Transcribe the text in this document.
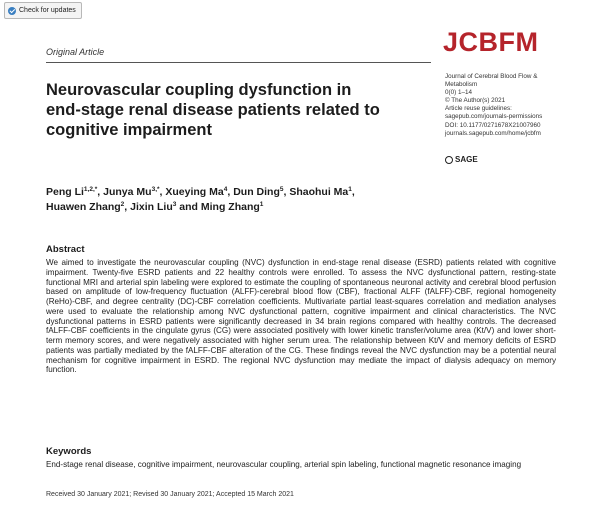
Check for updates
Original Article
Neurovascular coupling dysfunction in end-stage renal disease patients related to cognitive impairment
JCBFM
Journal of Cerebral Blood Flow &
Metabolism
0(0) 1–14
© The Author(s) 2021
Article reuse guidelines:
sagepub.com/journals-permissions
DOI: 10.1177/0271678X21007960
journals.sagepub.com/home/jcbfm
SAGE
Peng $Li^{1,2,*}$, Junya $Mu^{3,*}$, Xueying Ma$^4$, Dun Ding$^5$, Shaohui Ma$^1$,
Huawen Zhang$^2$, Jixin Liu$^3$ and Ming Zhang$^1$
Abstract

We aimed to investigate the neurovascular coupling (NVC) dysfunction in end-stage renal disease (ESRD) patients related with cognitive impairment. Twenty-five ESRD patients and 22 healthy controls were enrolled. To assess the NVC dysfunctional pattern, resting-state functional MRI and arterial spin labeling were explored to estimate the coupling of spontaneous neuronal activity and cerebral blood perfusion based on amplitude of low-frequency fluctuation (ALFF)-cerebral blood flow (CBF), fractional ALFF (fALFF)-CBF, regional homogeneity (ReHo)-CBF, and degree centrality (DC)-CBF correlation coefficients. Multivariate partial least-squares correlation and mediation analyses were used to evaluate the relationship among NVC dysfunctional pattern, cognitive impairment and clinical characteristics. The NVC dysfunctional patterns in ESRD patients were significantly decreased in 34 brain regions compared with healthy controls. The decreased fALFF-CBF coefficients in the cingulate gyrus (CG) were associated positively with lower kinetic transfer/volume area (Kt/V) and lower short-term memory scores, and were negatively associated with higher serum urea. The relationship between Kt/V and memory deficits of ESRD patients was partially mediated by the fALFF-CBF alteration of the CG. These findings reveal the NVC dysfunction may be a potential neural mechanism for cognitive impairment in ESRD. The regional NVC dysfunction may mediate the impact of dialysis adequacy on memory function.

Keywords

End-stage renal disease, cognitive impairment, neurovascular coupling, arterial spin labeling, functional magnetic resonance imaging

Received 30 January 2021; Revised 30 January 2021; Accepted 15 March 2021
